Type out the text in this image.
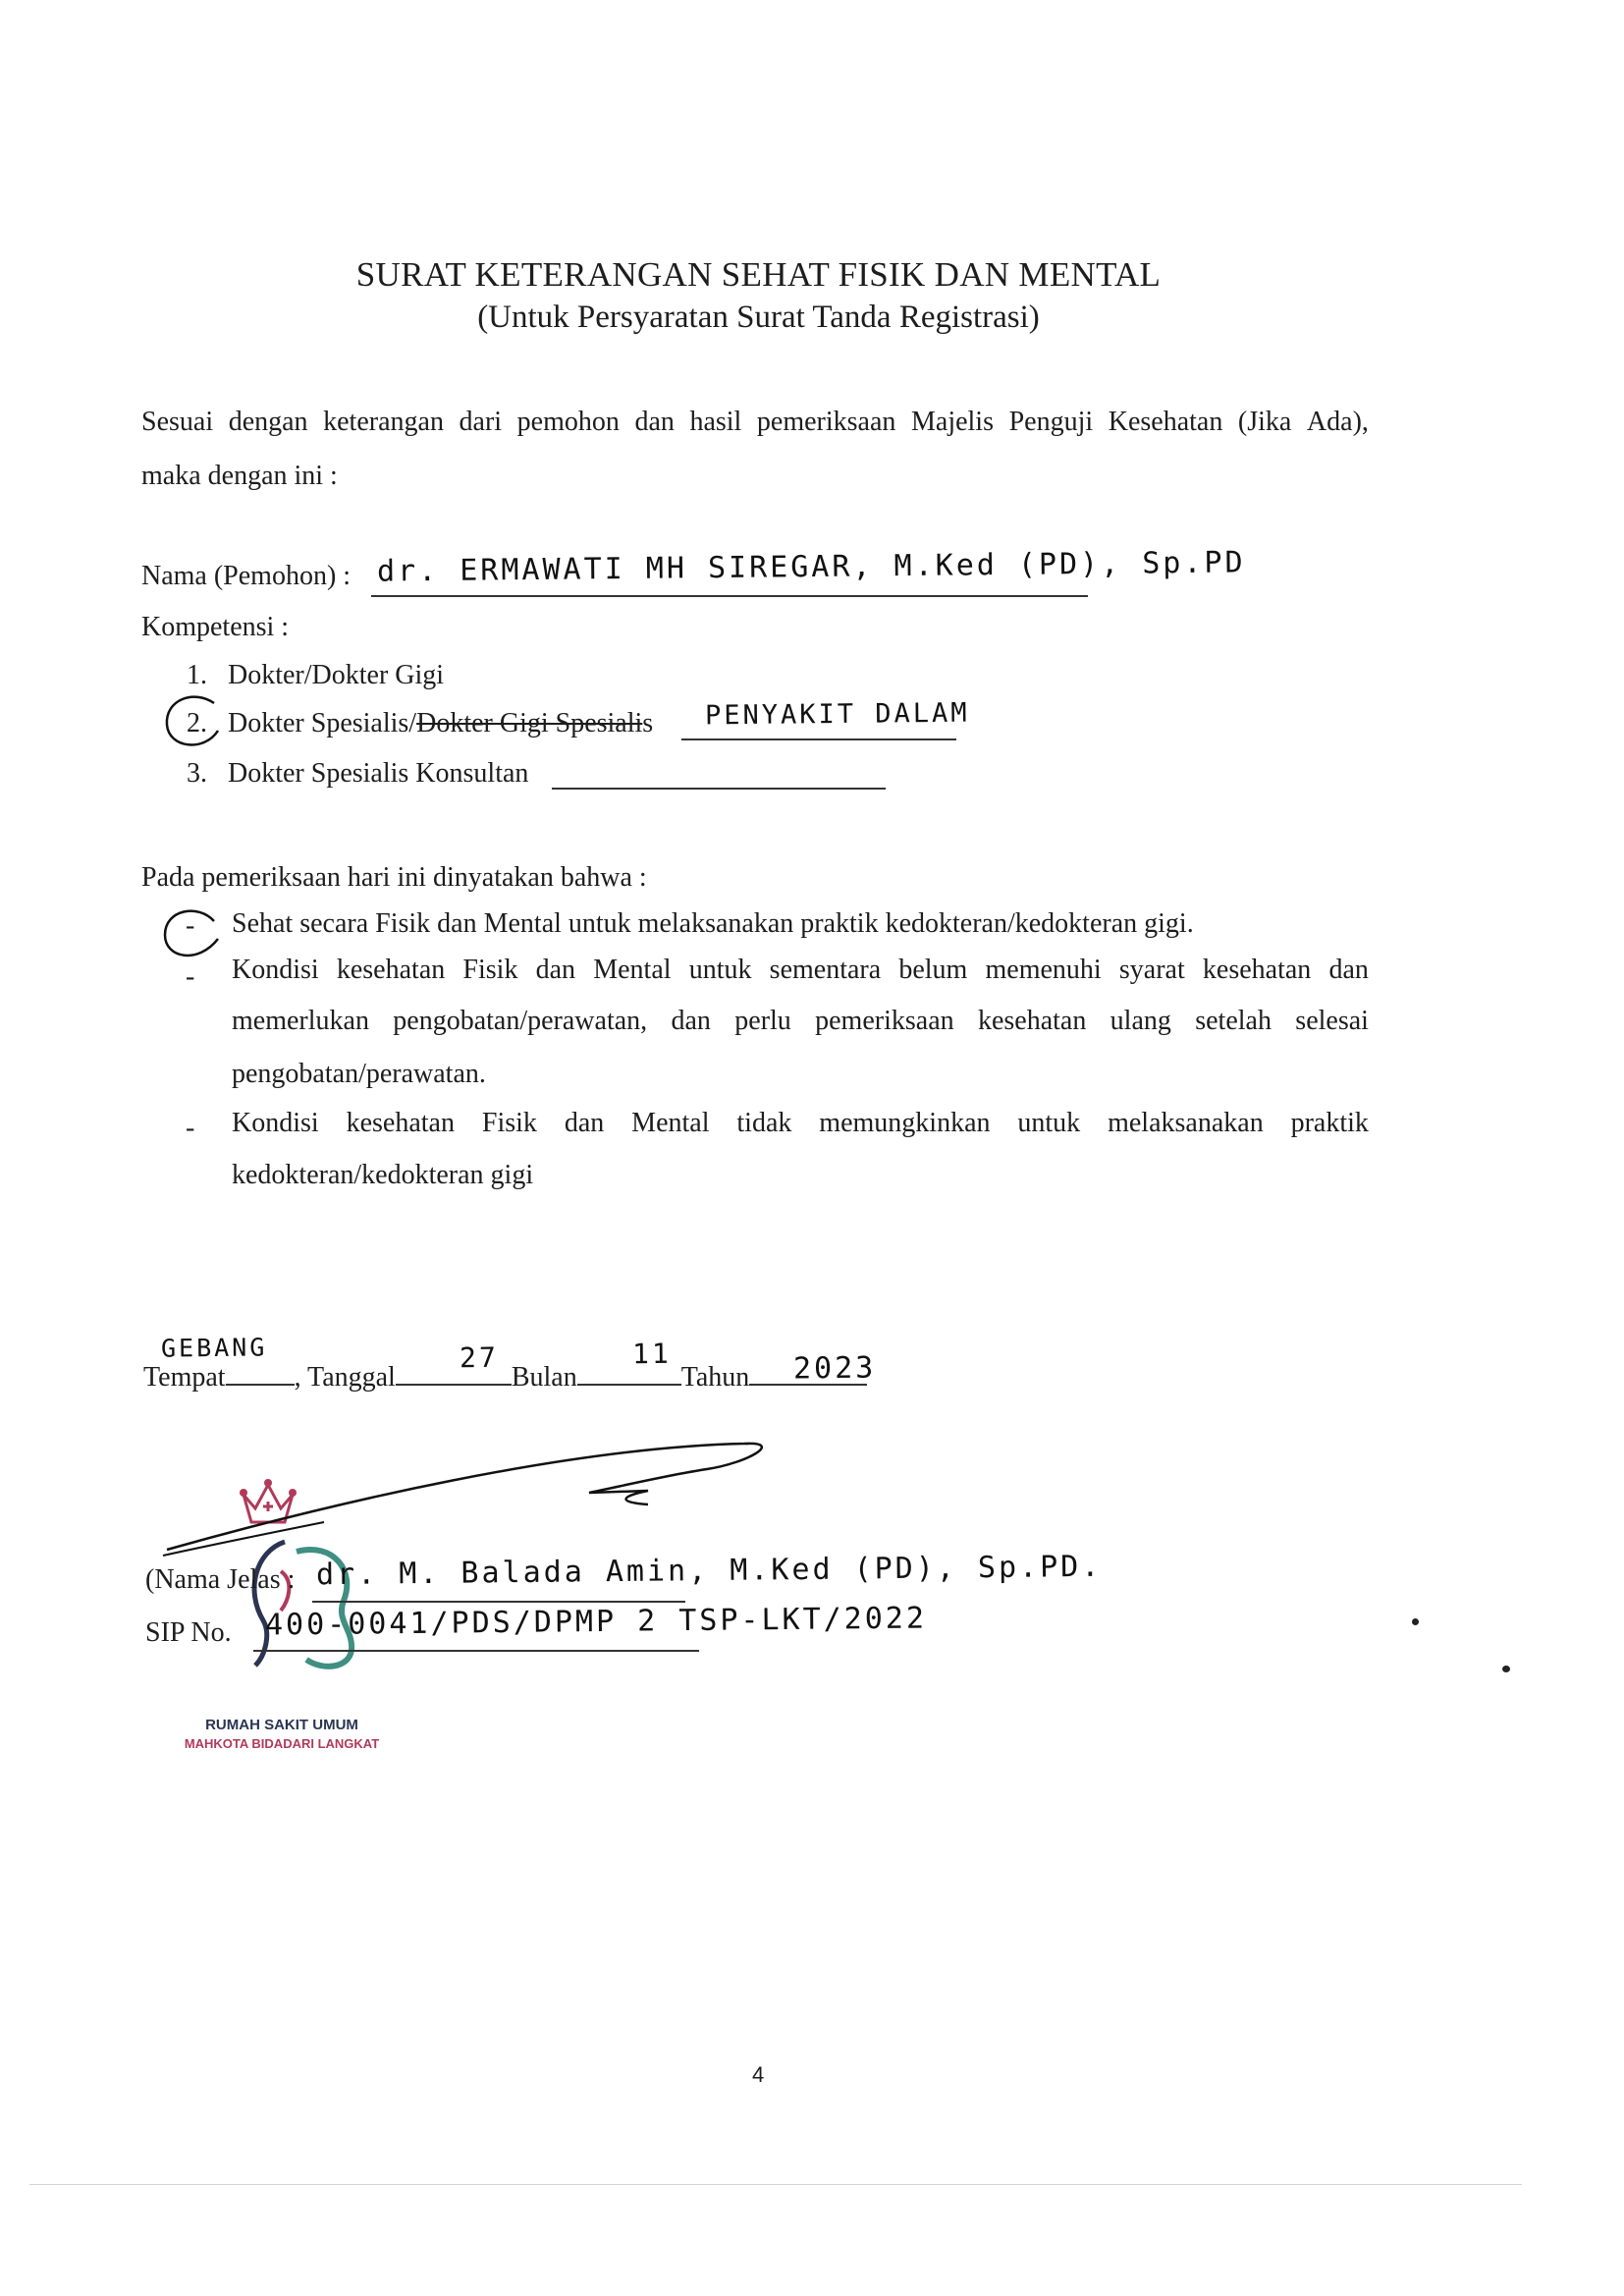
SURAT KETERANGAN SEHAT FISIK DAN MENTAL
(Untuk Persyaratan Surat Tanda Registrasi)
Sesuai dengan keterangan dari pemohon dan hasil pemeriksaan Majelis Penguji Kesehatan (Jika Ada),
maka dengan ini :
Nama (Pemohon) : dr. ERMAWATI MH SIREGAR, M.Ked (PD), Sp.PD
Kompetensi :
1. Dokter/Dokter Gigi
2. Dokter Spesialis/Dokter Gigi Spesialis PENYAKIT DALAM
3. Dokter Spesialis Konsultan
Pada pemeriksaan hari ini dinyatakan bahwa :
- Sehat secara Fisik dan Mental untuk melaksanakan praktik kedokteran/kedokteran gigi.
- Kondisi kesehatan Fisik dan Mental untuk sementara belum memenuhi syarat kesehatan dan
memerlukan pengobatan/perawatan, dan perlu pemeriksaan kesehatan ulang setelah selesai
pengobatan/perawatan.
- Kondisi kesehatan Fisik dan Mental tidak memungkinkan untuk melaksanakan praktik
kedokteran/kedokteran gigi
Tempat	, Tanggal	Bulan	Tahun
GEBANG	27	11	2023
RUMAH SAKIT UMUM
MAHKOTA BIDADARI LANGKAT
(Nama Jelas : dr. M. Balada Amin, M.Ked (PD), Sp.PD.
SIP No. 400-0041/PDS/DPMP 2 TSP-LKT/2022
4
